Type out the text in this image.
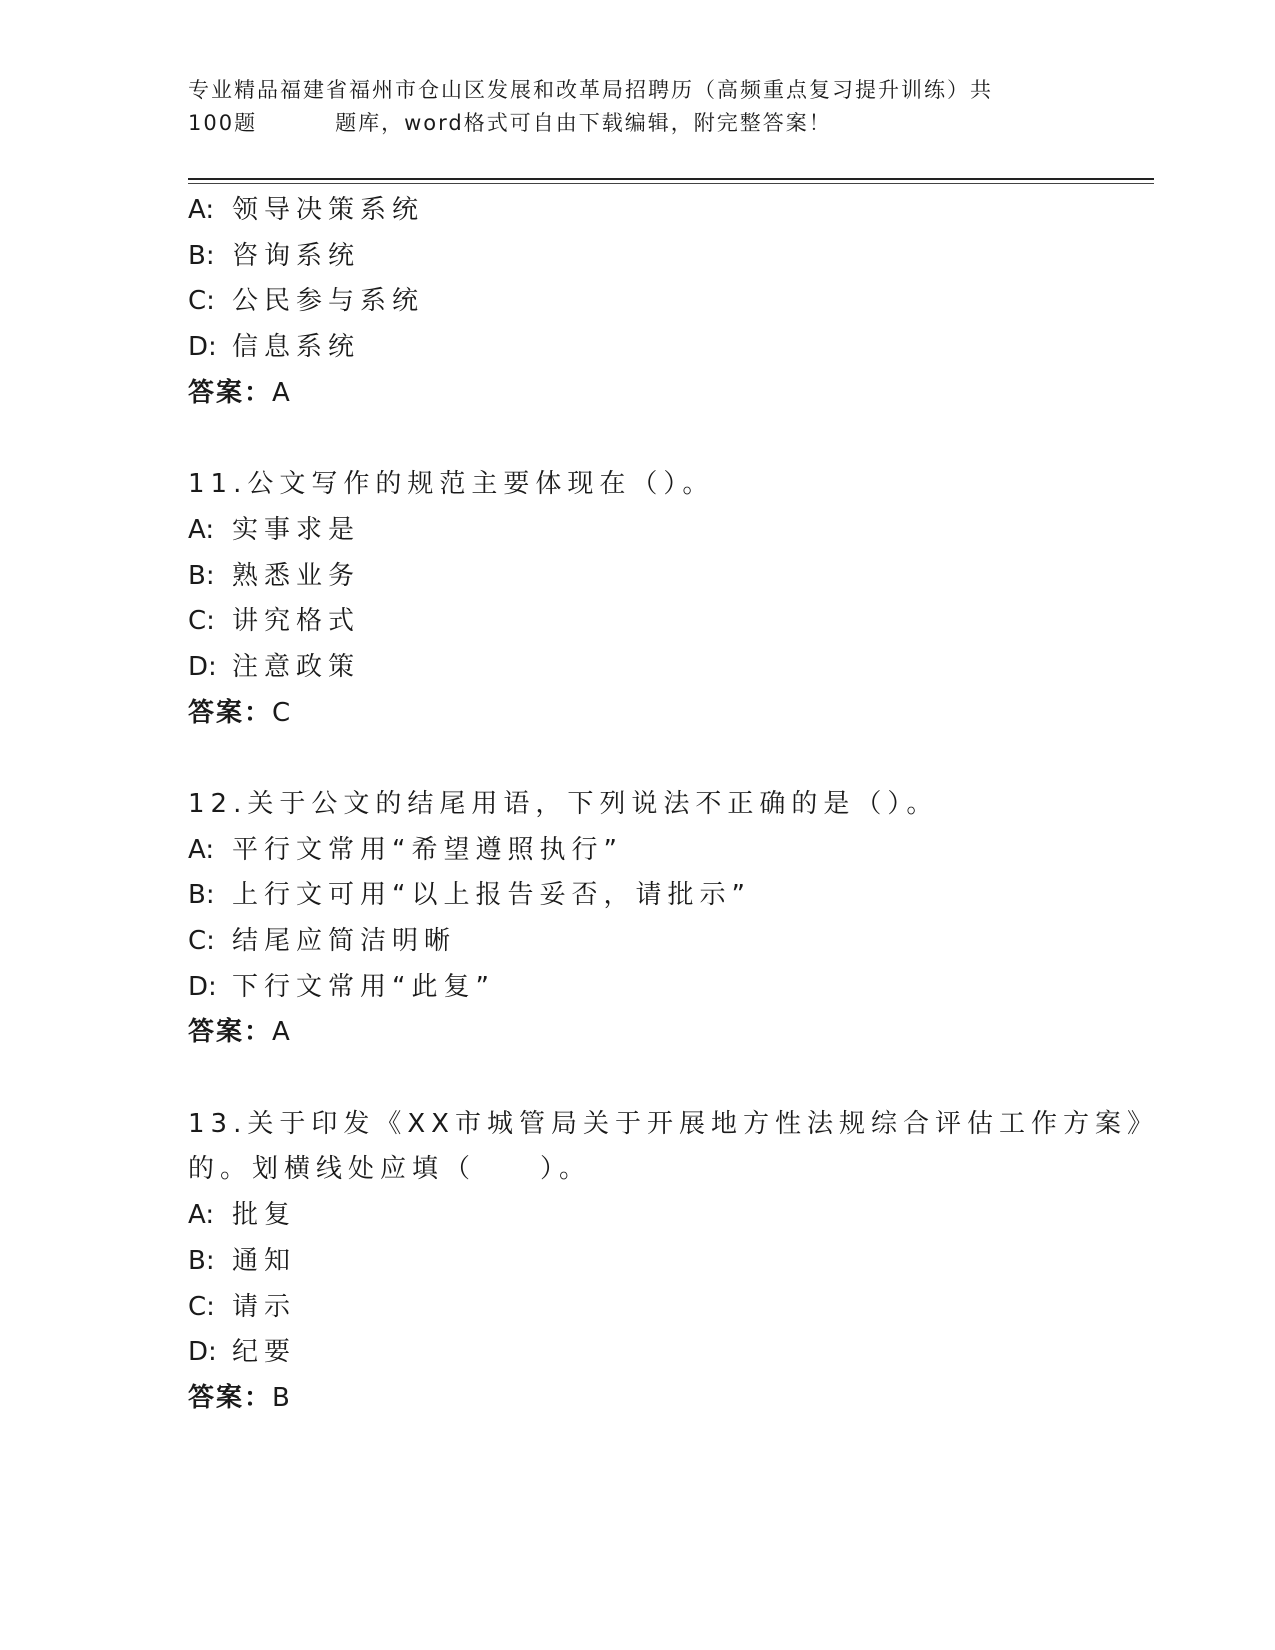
专业精品福建省福州市仓山区发展和改革局招聘历（高频重点复习提升训练）共
100题	题库，word格式可自由下载编辑，附完整答案！
A: 领导决策系统
B: 咨询系统
C: 公民参与系统
D: 信息系统
答案：A
11.公文写作的规范主要体现在（）。
A: 实事求是
B: 熟悉业务
C: 讲究格式
D: 注意政策
答案：C
12.关于公文的结尾用语，下列说法不正确的是（）。
A: 平行文常用“希望遵照执行”
B: 上行文可用“以上报告妥否，请批示”
C: 结尾应简洁明晰
D: 下行文常用“此复”
答案：A
13.关于印发《XX市城管局关于开展地方性法规综合评估工作方案》
的。划横线处应填（　　）。
A: 批复
B: 通知
C: 请示
D: 纪要
答案：B
